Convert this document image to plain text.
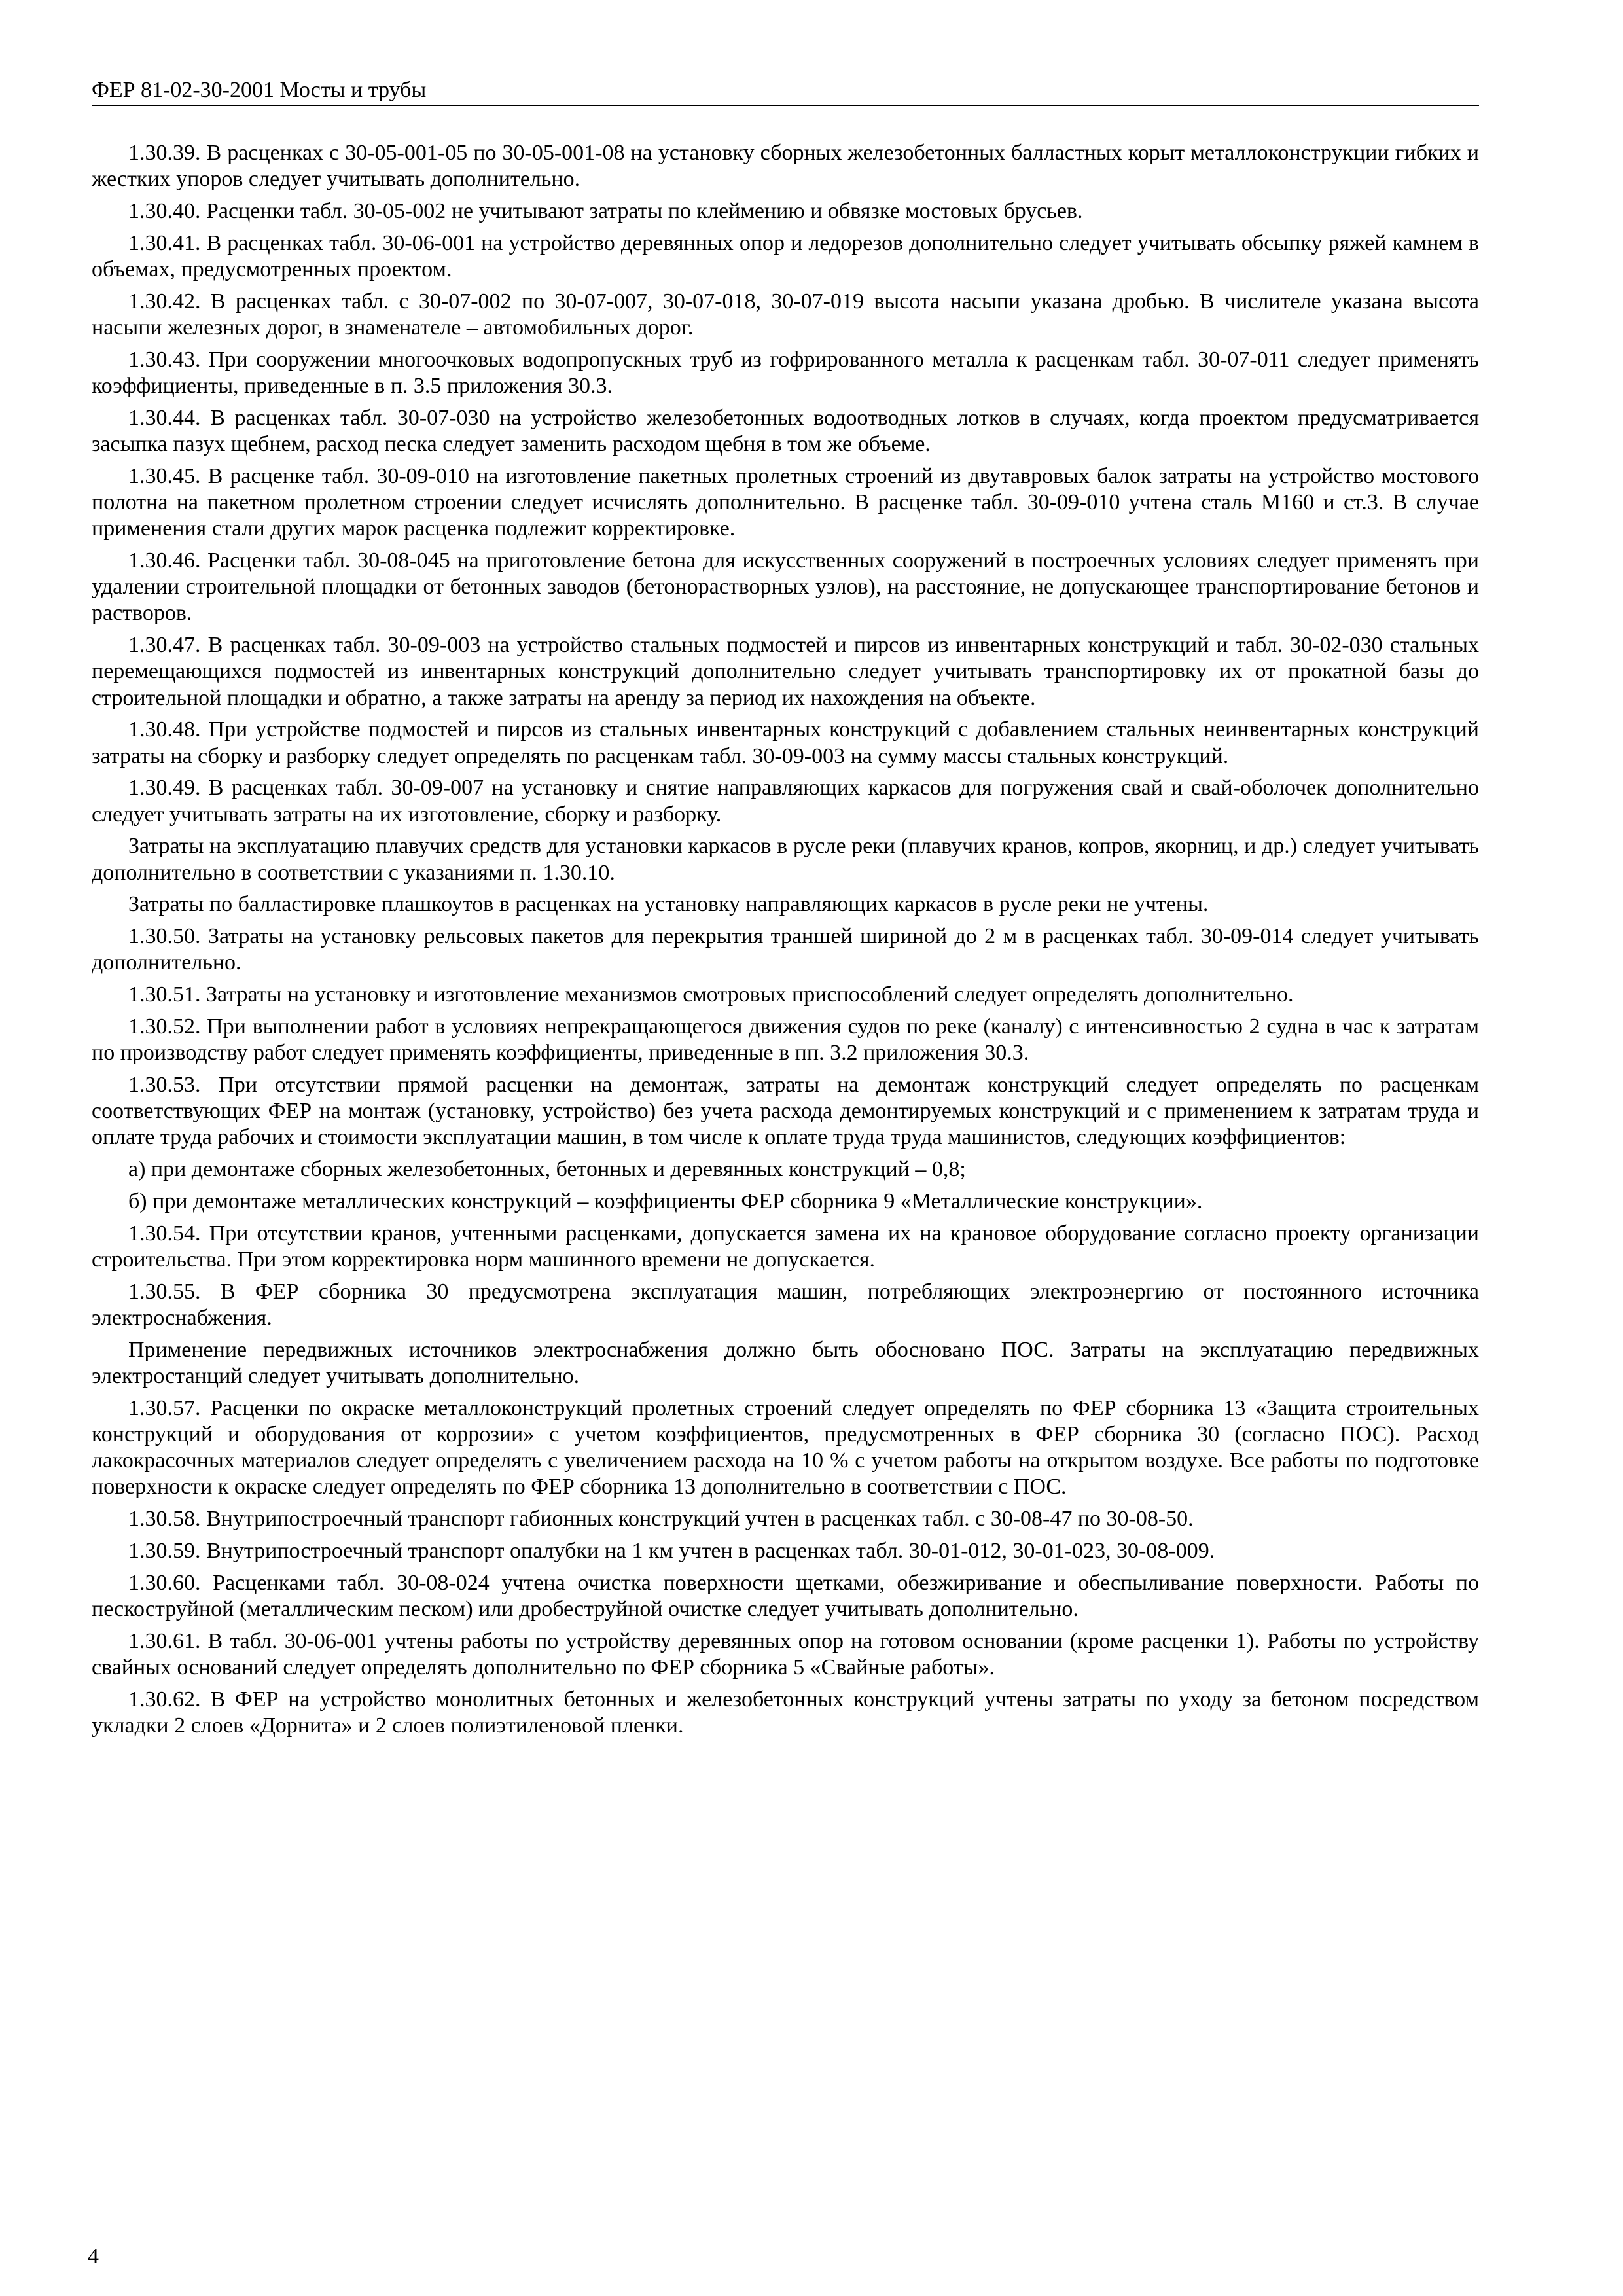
ФЕР 81-02-30-2001 Мосты и трубы

1.30.39. В расценках с 30-05-001-05 по 30-05-001-08 на установку сборных железобетонных балластных корыт металлоконструкции гибких и жестких упоров следует учитывать дополнительно.

1.30.40. Расценки табл. 30-05-002 не учитывают затраты по клеймению и обвязке мостовых брусьев.

1.30.41. В расценках табл. 30-06-001 на устройство деревянных опор и ледорезов дополнительно следует учитывать обсыпку ряжей камнем в объемах, предусмотренных проектом.

1.30.42. В расценках табл. с 30-07-002 по 30-07-007, 30-07-018, 30-07-019 высота насыпи указана дробью. В числителе указана высота насыпи железных дорог, в знаменателе – автомобильных дорог.

1.30.43. При сооружении многоочковых водопропускных труб из гофрированного металла к расценкам табл. 30-07-011 следует применять коэффициенты, приведенные в п. 3.5 приложения 30.3.

1.30.44. В расценках табл. 30-07-030 на устройство железобетонных водоотводных лотков в случаях, когда проектом предусматривается засыпка пазух щебнем, расход песка следует заменить расходом щебня в том же объеме.

1.30.45. В расценке табл. 30-09-010 на изготовление пакетных пролетных строений из двутавровых балок затраты на устройство мостового полотна на пакетном пролетном строении следует исчислять дополнительно. В расценке табл. 30-09-010 учтена сталь М160 и ст.3. В случае применения стали других марок расценка подлежит корректировке.

1.30.46. Расценки табл. 30-08-045 на приготовление бетона для искусственных сооружений в построечных условиях следует применять при удалении строительной площадки от бетонных заводов (бетонорастворных узлов), на расстояние, не допускающее транспортирование бетонов и растворов.

1.30.47. В расценках табл. 30-09-003 на устройство стальных подмостей и пирсов из инвентарных конструкций и табл. 30-02-030 стальных перемещающихся подмостей из инвентарных конструкций дополнительно следует учитывать транспортировку их от прокатной базы до строительной площадки и обратно, а также затраты на аренду за период их нахождения на объекте.

1.30.48. При устройстве подмостей и пирсов из стальных инвентарных конструкций с добавлением стальных неинвентарных конструкций затраты на сборку и разборку следует определять по расценкам табл. 30-09-003 на сумму массы стальных конструкций.

1.30.49. В расценках табл. 30-09-007 на установку и снятие направляющих каркасов для погружения свай и свай-оболочек дополнительно следует учитывать затраты на их изготовление, сборку и разборку.

Затраты на эксплуатацию плавучих средств для установки каркасов в русле реки (плавучих кранов, копров, якорниц, и др.) следует учитывать дополнительно в соответствии с указаниями п. 1.30.10.

Затраты по балластировке плашкоутов в расценках на установку направляющих каркасов в русле реки не учтены.

1.30.50. Затраты на установку рельсовых пакетов для перекрытия траншей шириной до 2 м в расценках табл. 30-09-014 следует учитывать дополнительно.

1.30.51. Затраты на установку и изготовление механизмов смотровых приспособлений следует определять дополнительно.

1.30.52. При выполнении работ в условиях непрекращающегося движения судов по реке (каналу) с интенсивностью 2 судна в час к затратам по производству работ следует применять коэффициенты, приведенные в пп. 3.2 приложения 30.3.

1.30.53. При отсутствии прямой расценки на демонтаж, затраты на демонтаж конструкций следует определять по расценкам соответствующих ФЕР на монтаж (установку, устройство) без учета расхода демонтируемых конструкций и с применением к затратам труда и оплате труда рабочих и стоимости эксплуатации машин, в том числе к оплате труда труда машинистов, следующих коэффициентов:

а) при демонтаже сборных железобетонных, бетонных и деревянных конструкций – 0,8;

б) при демонтаже металлических конструкций – коэффициенты ФЕР сборника 9 «Металлические конструкции».

1.30.54. При отсутствии кранов, учтенными расценками, допускается замена их на крановое оборудование согласно проекту организации строительства. При этом корректировка норм машинного времени не допускается.

1.30.55. В ФЕР сборника 30 предусмотрена эксплуатация машин, потребляющих электроэнергию от постоянного источника электроснабжения.

Применение передвижных источников электроснабжения должно быть обосновано ПОС. Затраты на эксплуатацию передвижных электростанций следует учитывать дополнительно.

1.30.57. Расценки по окраске металлоконструкций пролетных строений следует определять по ФЕР сборника 13 «Защита строительных конструкций и оборудования от коррозии» с учетом коэффициентов, предусмотренных в ФЕР сборника 30 (согласно ПОС). Расход лакокрасочных материалов следует определять с увеличением расхода на 10 % с учетом работы на открытом воздухе. Все работы по подготовке поверхности к окраске следует определять по ФЕР сборника 13 дополнительно в соответствии с ПОС.

1.30.58. Внутрипостроечный транспорт габионных конструкций учтен в расценках табл. с 30-08-47 по 30-08-50.

1.30.59. Внутрипостроечный транспорт опалубки на 1 км учтен в расценках табл. 30-01-012, 30-01-023, 30-08-009.

1.30.60. Расценками табл. 30-08-024 учтена очистка поверхности щетками, обезжиривание и обеспыливание поверхности. Работы по пескоструйной (металлическим песком) или дробеструйной очистке следует учитывать дополнительно.

1.30.61. В табл. 30-06-001 учтены работы по устройству деревянных опор на готовом основании (кроме расценки 1). Работы по устройству свайных оснований следует определять дополнительно по ФЕР сборника 5 «Свайные работы».

1.30.62. В ФЕР на устройство монолитных бетонных и железобетонных конструкций учтены затраты по уходу за бетоном посредством укладки 2 слоев «Дорнита» и 2 слоев полиэтиленовой пленки.

4
